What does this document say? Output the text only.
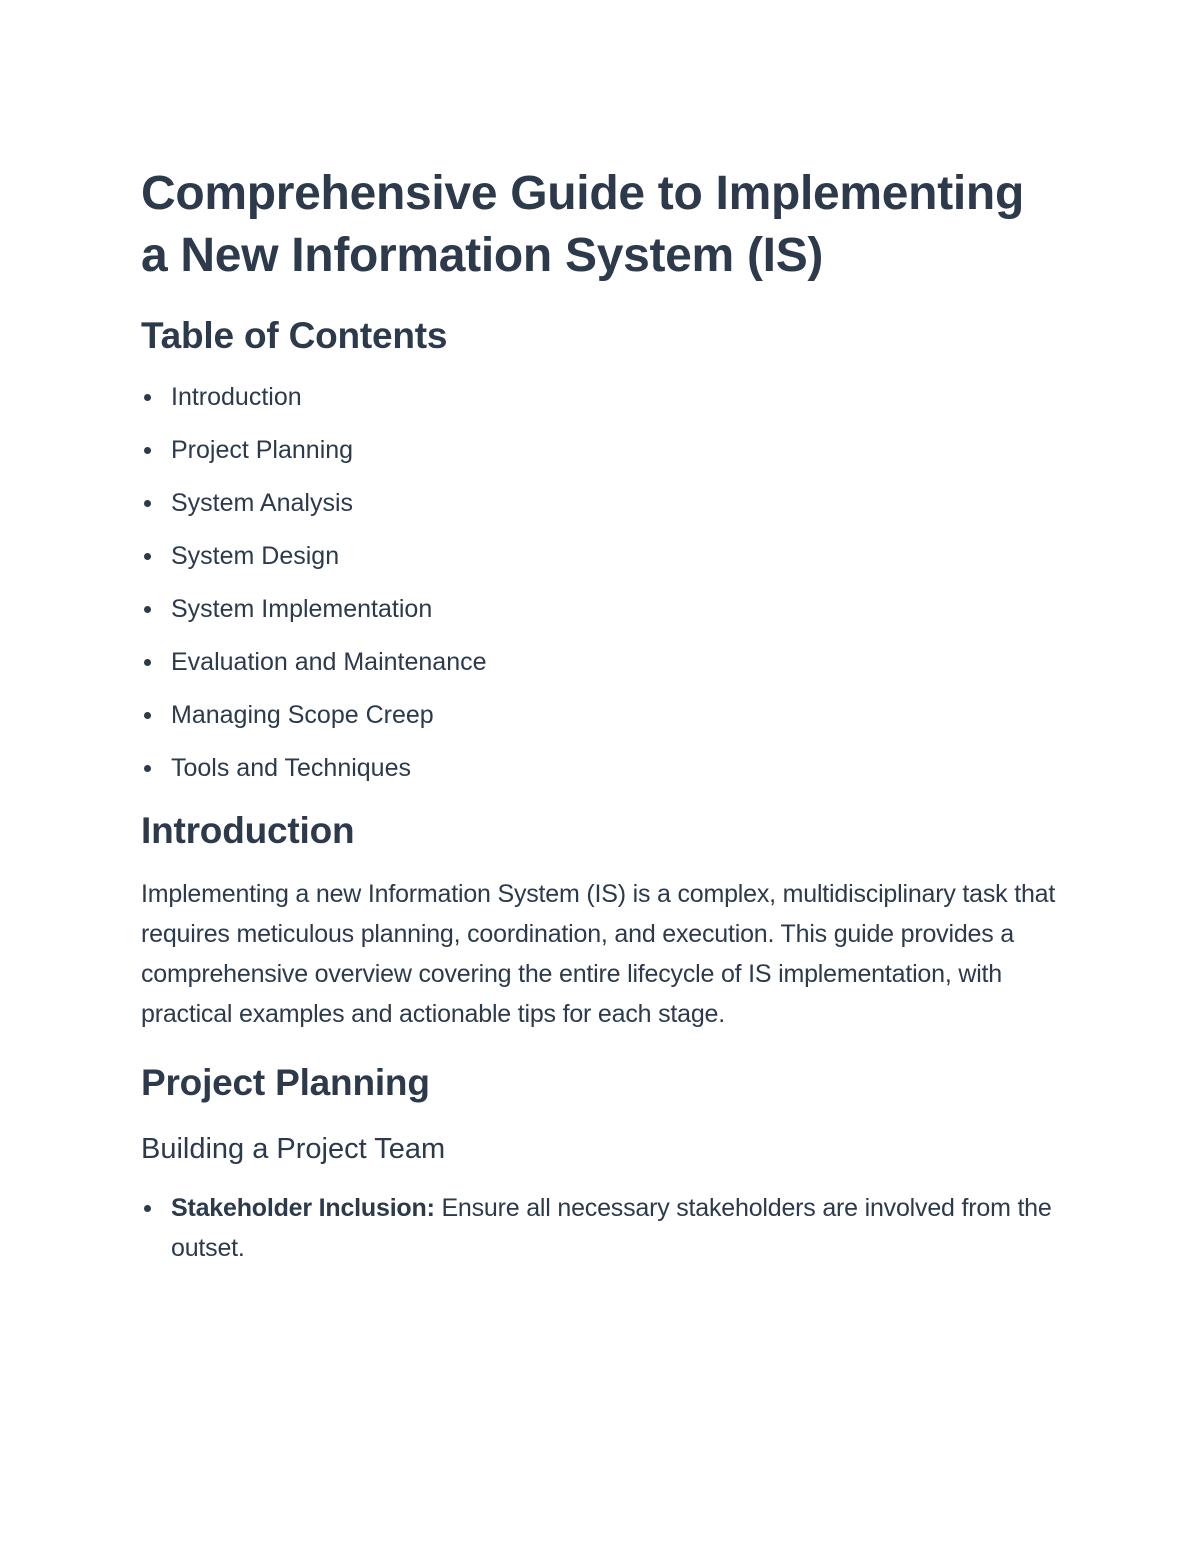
Comprehensive Guide to Implementing a New Information System (IS)
Table of Contents
Introduction
Project Planning
System Analysis
System Design
System Implementation
Evaluation and Maintenance
Managing Scope Creep
Tools and Techniques
Introduction

Implementing a new Information System (IS) is a complex, multidisciplinary task that requires meticulous planning, coordination, and execution. This guide provides a comprehensive overview covering the entire lifecycle of IS implementation, with practical examples and actionable tips for each stage.

Project Planning
Building a Project Team
Stakeholder Inclusion: Ensure all necessary stakeholders are involved from the outset.
